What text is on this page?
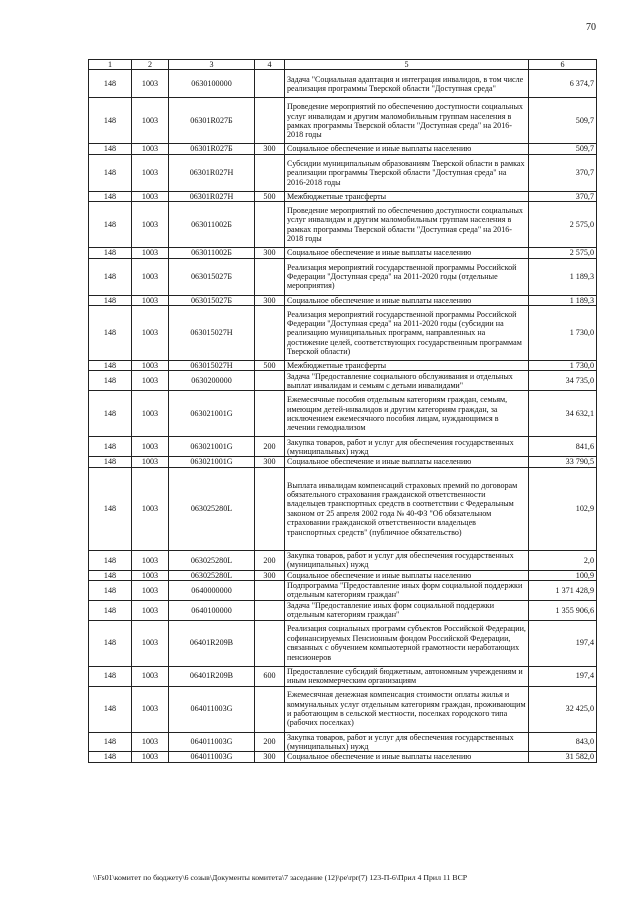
70
1	2	3	4	5	6
148	1003	0630100000		Задача "Социальная адаптация и интеграция инвалидов, в том числе реализация программы Тверской области "Доступная среда"	6 374,7
148	1003	06301R027Б		Проведение мероприятий по обеспечению доступности социальных услуг инвалидам и другим маломобильным группам населения в рамках программы Тверской области "Доступная среда" на 2016-2018 годы	509,7
148	1003	06301R027Б	300	Социальное обеспечение и иные выплаты населению	509,7
148	1003	06301R027Н		Субсидии муниципальным образованиям Тверской области в рамках реализации программы Тверской области "Доступная среда" на 2016-2018 годы	370,7
148	1003	06301R027Н	500	Межбюджетные трансферты	370,7
148	1003	063011002Б		Проведение мероприятий по обеспечению доступности социальных услуг инвалидам и другим маломобильным группам населения в рамках программы Тверской области "Доступная среда" на 2016-2018 годы	2 575,0
148	1003	063011002Б	300	Социальное обеспечение и иные выплаты населению	2 575,0
148	1003	063015027Б		Реализация мероприятий государственной программы Российской Федерации "Доступная среда" на 2011-2020 годы (отдельные мероприятия)	1 189,3
148	1003	063015027Б	300	Социальное обеспечение и иные выплаты населению	1 189,3
148	1003	063015027Н		Реализация мероприятий государственной программы Российской Федерации "Доступная среда" на 2011-2020 годы (субсидии на реализацию муниципальных программ, направленных на достижение целей, соответствующих государственным программам Тверской области)	1 730,0
148	1003	063015027Н	500	Межбюджетные трансферты	1 730,0
148	1003	0630200000		Задача "Предоставление социального обслуживания и отдельных выплат инвалидам и семьям с детьми инвалидами"	34 735,0
148	1003	063021001G		Ежемесячные пособия отдельным категориям граждан, семьям, имеющим детей-инвалидов и другим категориям граждан, за исключением ежемесячного пособия лицам, нуждающимся в лечении гемодиализом	34 632,1
148	1003	063021001G	200	Закупка товаров, работ и услуг для обеспечения государственных (муниципальных) нужд	841,6
148	1003	063021001G	300	Социальное обеспечение и иные выплаты населению	33 790,5
148	1003	063025280L		Выплата инвалидам компенсаций страховых премий по договорам обязательного страхования гражданской ответственности владельцев транспортных средств в соответствии с Федеральным законом от 25 апреля 2002 года № 40-ФЗ "Об обязательном страховании гражданской ответственности владельцев транспортных средств" (публичное обязательство)	102,9
148	1003	063025280L	200	Закупка товаров, работ и услуг для обеспечения государственных (муниципальных) нужд	2,0
148	1003	063025280L	300	Социальное обеспечение и иные выплаты населению	100,9
148	1003	0640000000		Подпрограмма "Предоставление иных форм социальной поддержки отдельным категориям граждан"	1 371 428,9
148	1003	0640100000		Задача "Предоставление иных форм социальной поддержки отдельным категориям граждан"	1 355 906,6
148	1003	06401R209В		Реализация социальных программ субъектов Российской Федерации, софинансируемых Пенсионным фондом Российской Федерации, связанных с обучением компьютерной грамотности неработающих пенсионеров	197,4
148	1003	06401R209В	600	Предоставление субсидий бюджетным, автономным учреждениям и иным некоммерческим организациям	197,4
148	1003	064011003G		Ежемесячная денежная компенсация стоимости оплаты жилья и коммунальных услуг отдельным категориям граждан, проживающим и работающим в сельской местности, поселках городского типа (рабочих поселках)	32 425,0
148	1003	064011003G	200	Закупка товаров, работ и услуг для обеспечения государственных (муниципальных) нужд	843,0
148	1003	064011003G	300	Социальное обеспечение и иные выплаты населению	31 582,0
\\Fs01\комитет по бюджету\6 созыв\Документы комитета\7 заседание (12)\pe\rpr(7) 123-П-6\Прил 4 Прил 11 ВСР
